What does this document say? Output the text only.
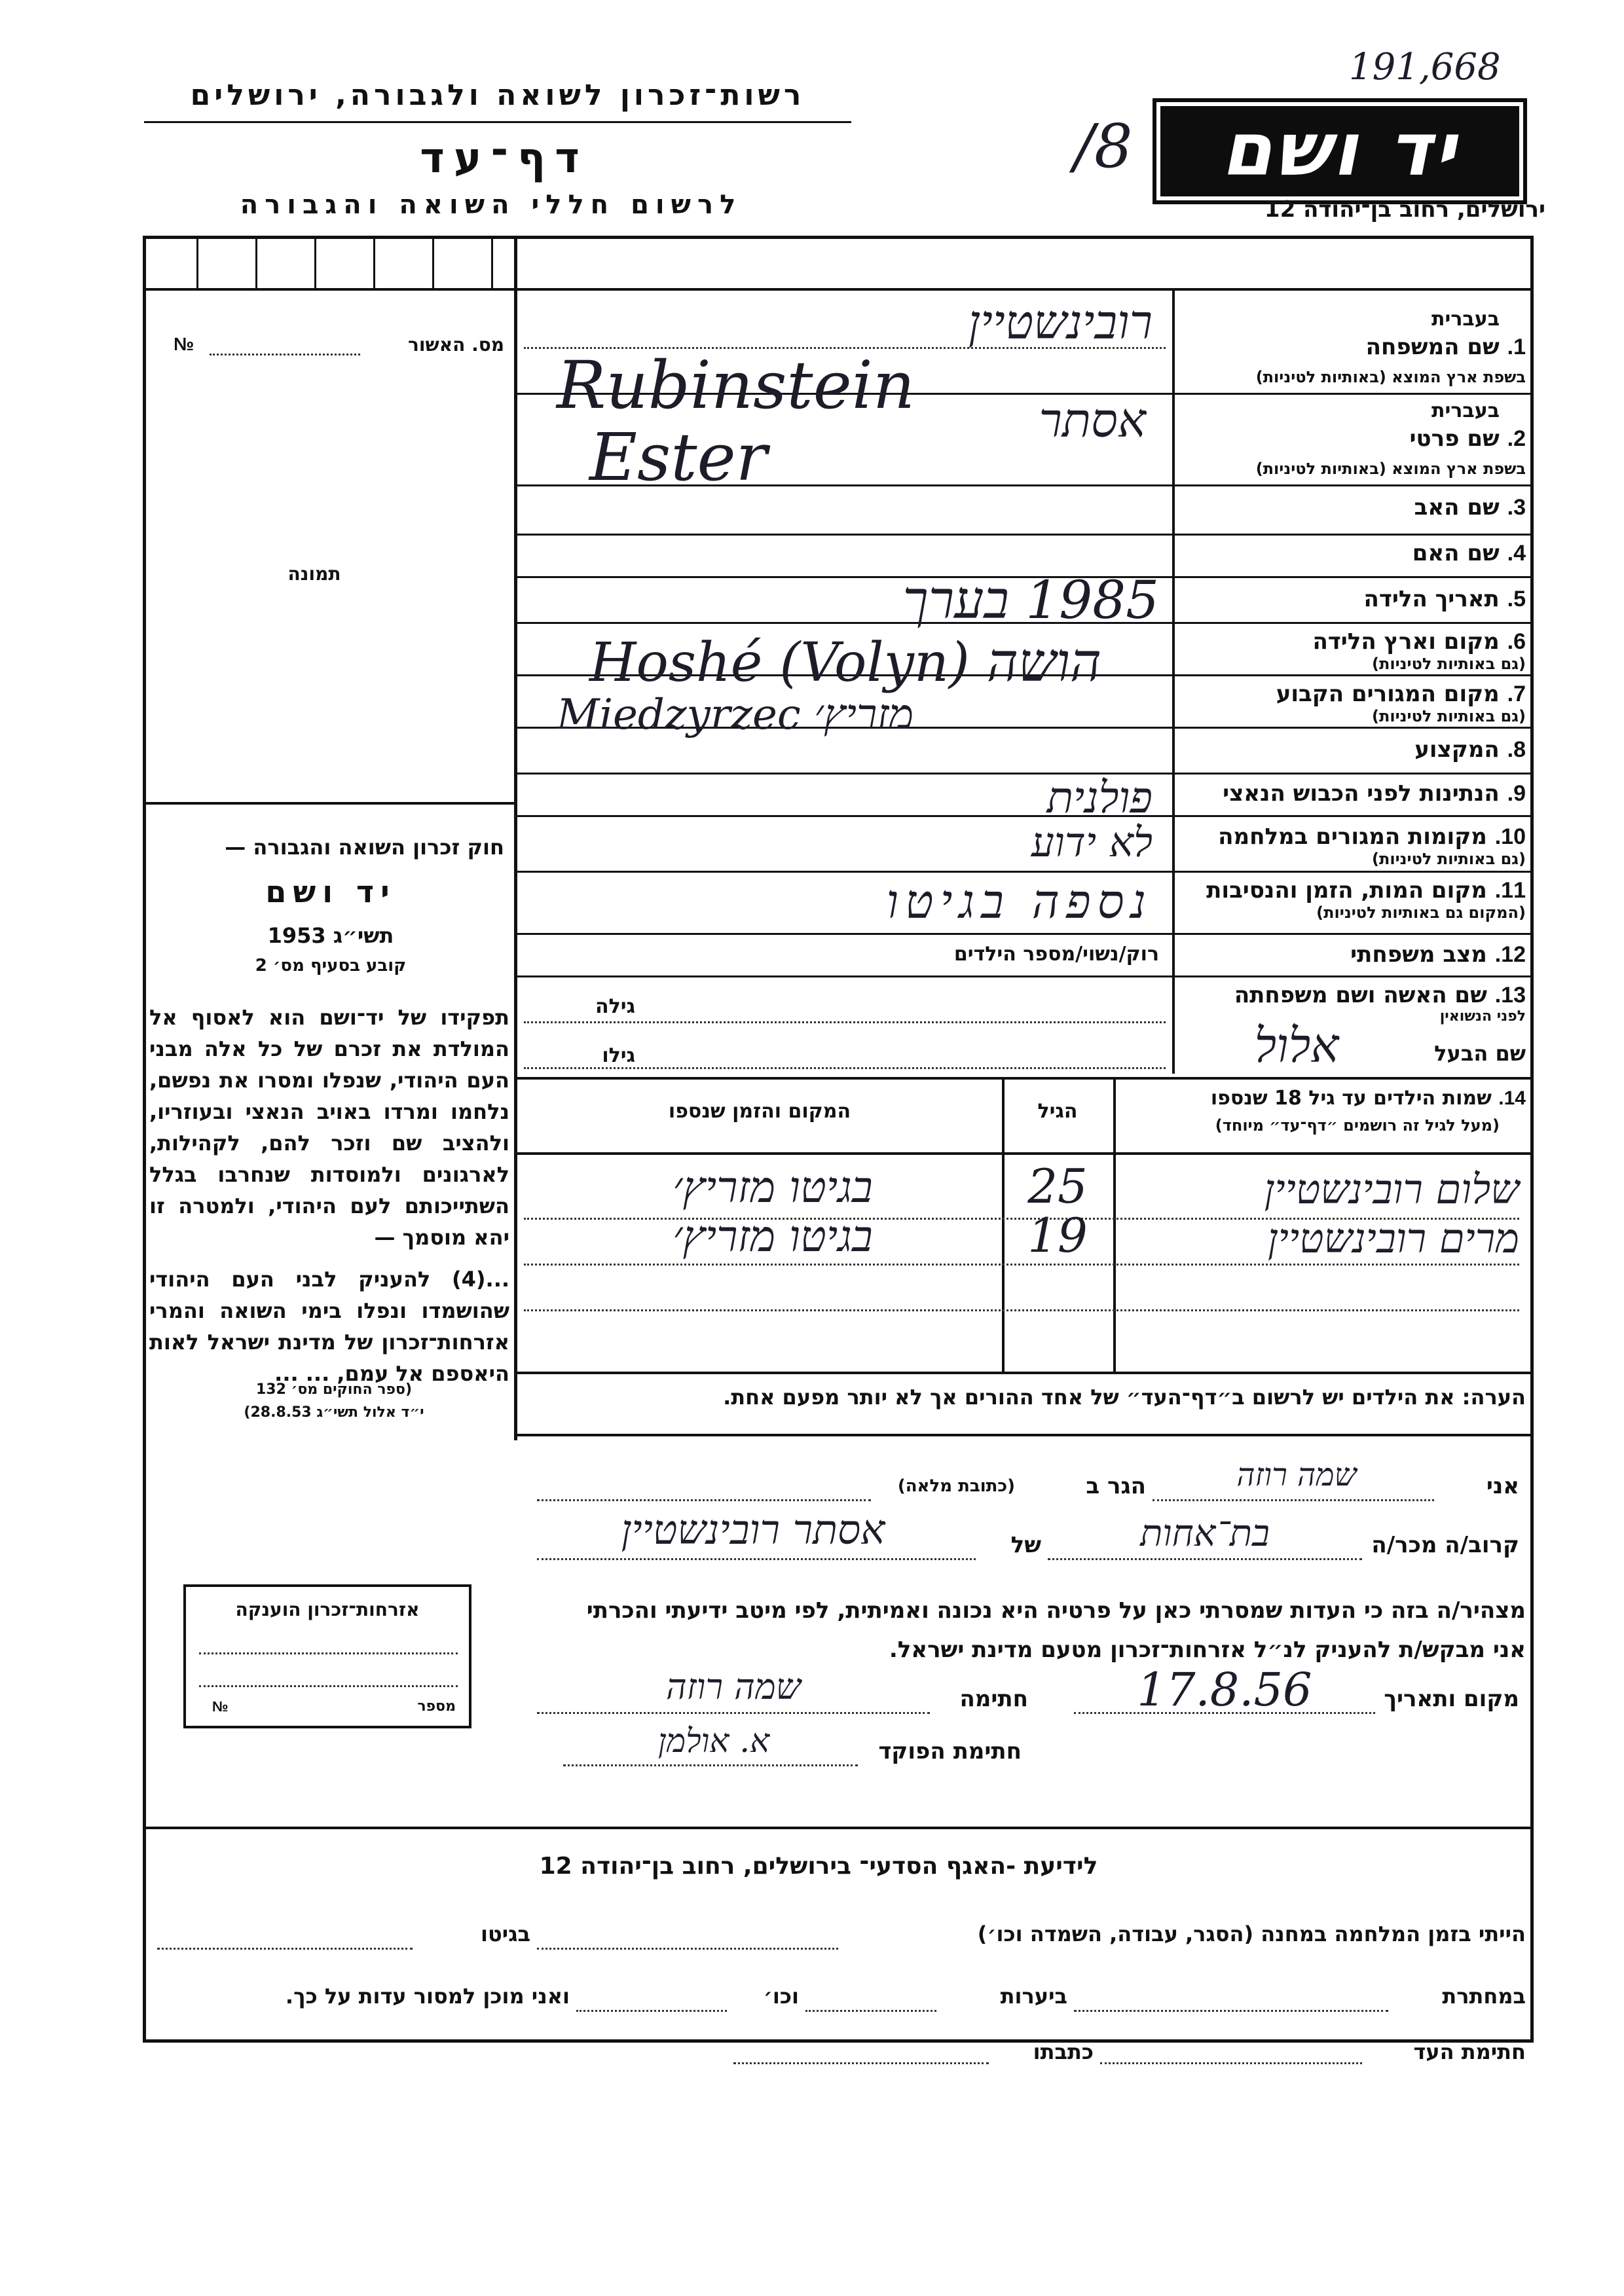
רשות־זכרון לשואה ולגבורה, ירושלים
דף־עד
לרשום חללי השואה והגבורה
/8
191,668
יד ושם
ירושלים, רחוב בן־יהודה 12
מס. האשור
№
תמונה
חוק זכרון השואה והגבורה —
יד ושם
תשי״ג 1953
קובע בסעיף מס׳ 2
תפקידו של יד־ושם הוא לאסוף אל המולדת את זכרם של כל אלה מבני העם היהודי, שנפלו ומסרו את נפשם, נלחמו ומרדו באויב הנאצי ובעוזריו, ולהציב שם וזכר להם, לקהילות, לארגונים ולמוסדות שנחרבו בגלל השתייכותם לעם היהודי, ולמטרה זו יהא מוסמך —
...(4) להעניק לבני העם היהודי שהושמדו ונפלו בימי השואה והמרי אזרחות־זכרון של מדינת ישראל לאות היאספם אל עמם, ... ...
(ספר החוקים מס׳ 132
י״ד אלול תשי״ג 28.8.53)
אזרחות־זכרון הוענקה
מספר
№
בעברית
1. שם המשפחה
בשפת ארץ המוצא (באותיות לטיניות)
רובינשטיין
Rubinstein	בעברית
2. שם פרטי
בשפת ארץ המוצא (באותיות לטיניות)
אסתר
Ester
3. שם האב
4. שם האם
5. תאריך הלידה
1985 בערך
6. מקום וארץ הלידה
(גם באותיות לטיניות)
Hoshé (Volyn) הושה	7. מקום המגורים הקבוע
(גם באותיות לטיניות)
Miedzyrzec מזריץ׳
8. המקצוע
9. הנתינות לפני הכבוש הנאצי
פולנית
10. מקומות המגורים במלחמה
(גם באותיות לטיניות)
לא ידוע
11. מקום המות, הזמן והנסיבות
(המקום גם באותיות לטיניות)
נספה בגיטו
12. מצב משפחתי
רוק/נשוי/מספר הילדים
13. שם האשה ושם משפחתה
לפני הנשואין
גילה
שם הבעל
אלול
גילו
14. שמות הילדים עד גיל 18 שנספו
(מעל לגיל זה רושמים ״דף־עד״ מיוחד)
הגיל
המקום והזמן שנספו
שלום רובינשטיין
25
בגיטו מזריץ׳
מרים רובינשטיין
19
בגיטו מזריץ׳
הערה: את הילדים יש לרשום ב״דף־העד״ של אחד ההורים אך לא יותר מפעם אחת.
אני
שמה רוזה
הגר ב
(כתובת מלאה)
קרוב/ה מכר/ה
בת־אחות
של
אסתר רובינשטיין
מצהיר/ה בזה כי העדות שמסרתי כאן על פרטיה היא נכונה ואמיתית, לפי מיטב ידיעתי והכרתי
אני מבקש/ת להעניק לנ״ל אזרחות־זכרון מטעם מדינת ישראל.
מקום ותאריך
17.8.56
חתימה
שמה רוזה
חתימת הפוקד
א. אולמן
לידיעת -האגף הסדעי־ בירושלים, רחוב בן־יהודה 12
הייתי בזמן המלחמה במחנה (הסגר, עבודה, השמדה וכו׳)
בגיטו
במחתרת
ביערות
וכו׳
ואני מוכן למסור עדות על כך.
חתימת העד
כתבתו
